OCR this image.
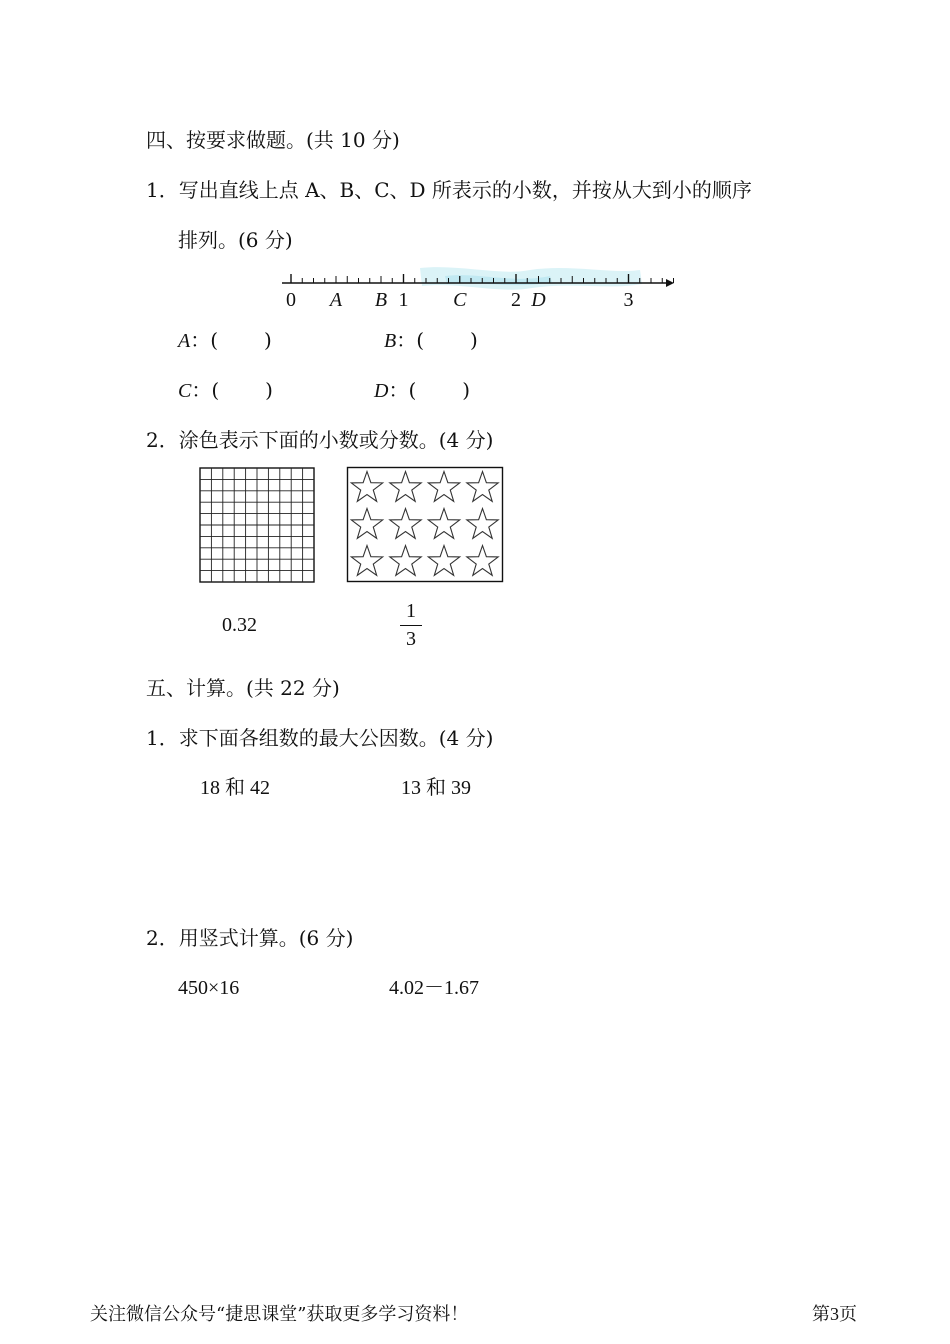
四、按要求做题。(共 10 分)
1．写出直线上点 A、B、C、D 所表示的小数，并按从大到小的顺序
排列。(6 分)
0	1	2	3
A B	C	D
A：( )	B：( )
C：( )	D：( )
2．涂色表示下面的小数或分数。(4 分)
0.32
1
3
五、计算。(共 22 分)
1．求下面各组数的最大公因数。(4 分)
18 和 42	13 和 39
2．用竖式计算。(6 分)
450×16	4.02－1.67
关注微信公众号“捷思课堂”获取更多学习资料！	第3页
